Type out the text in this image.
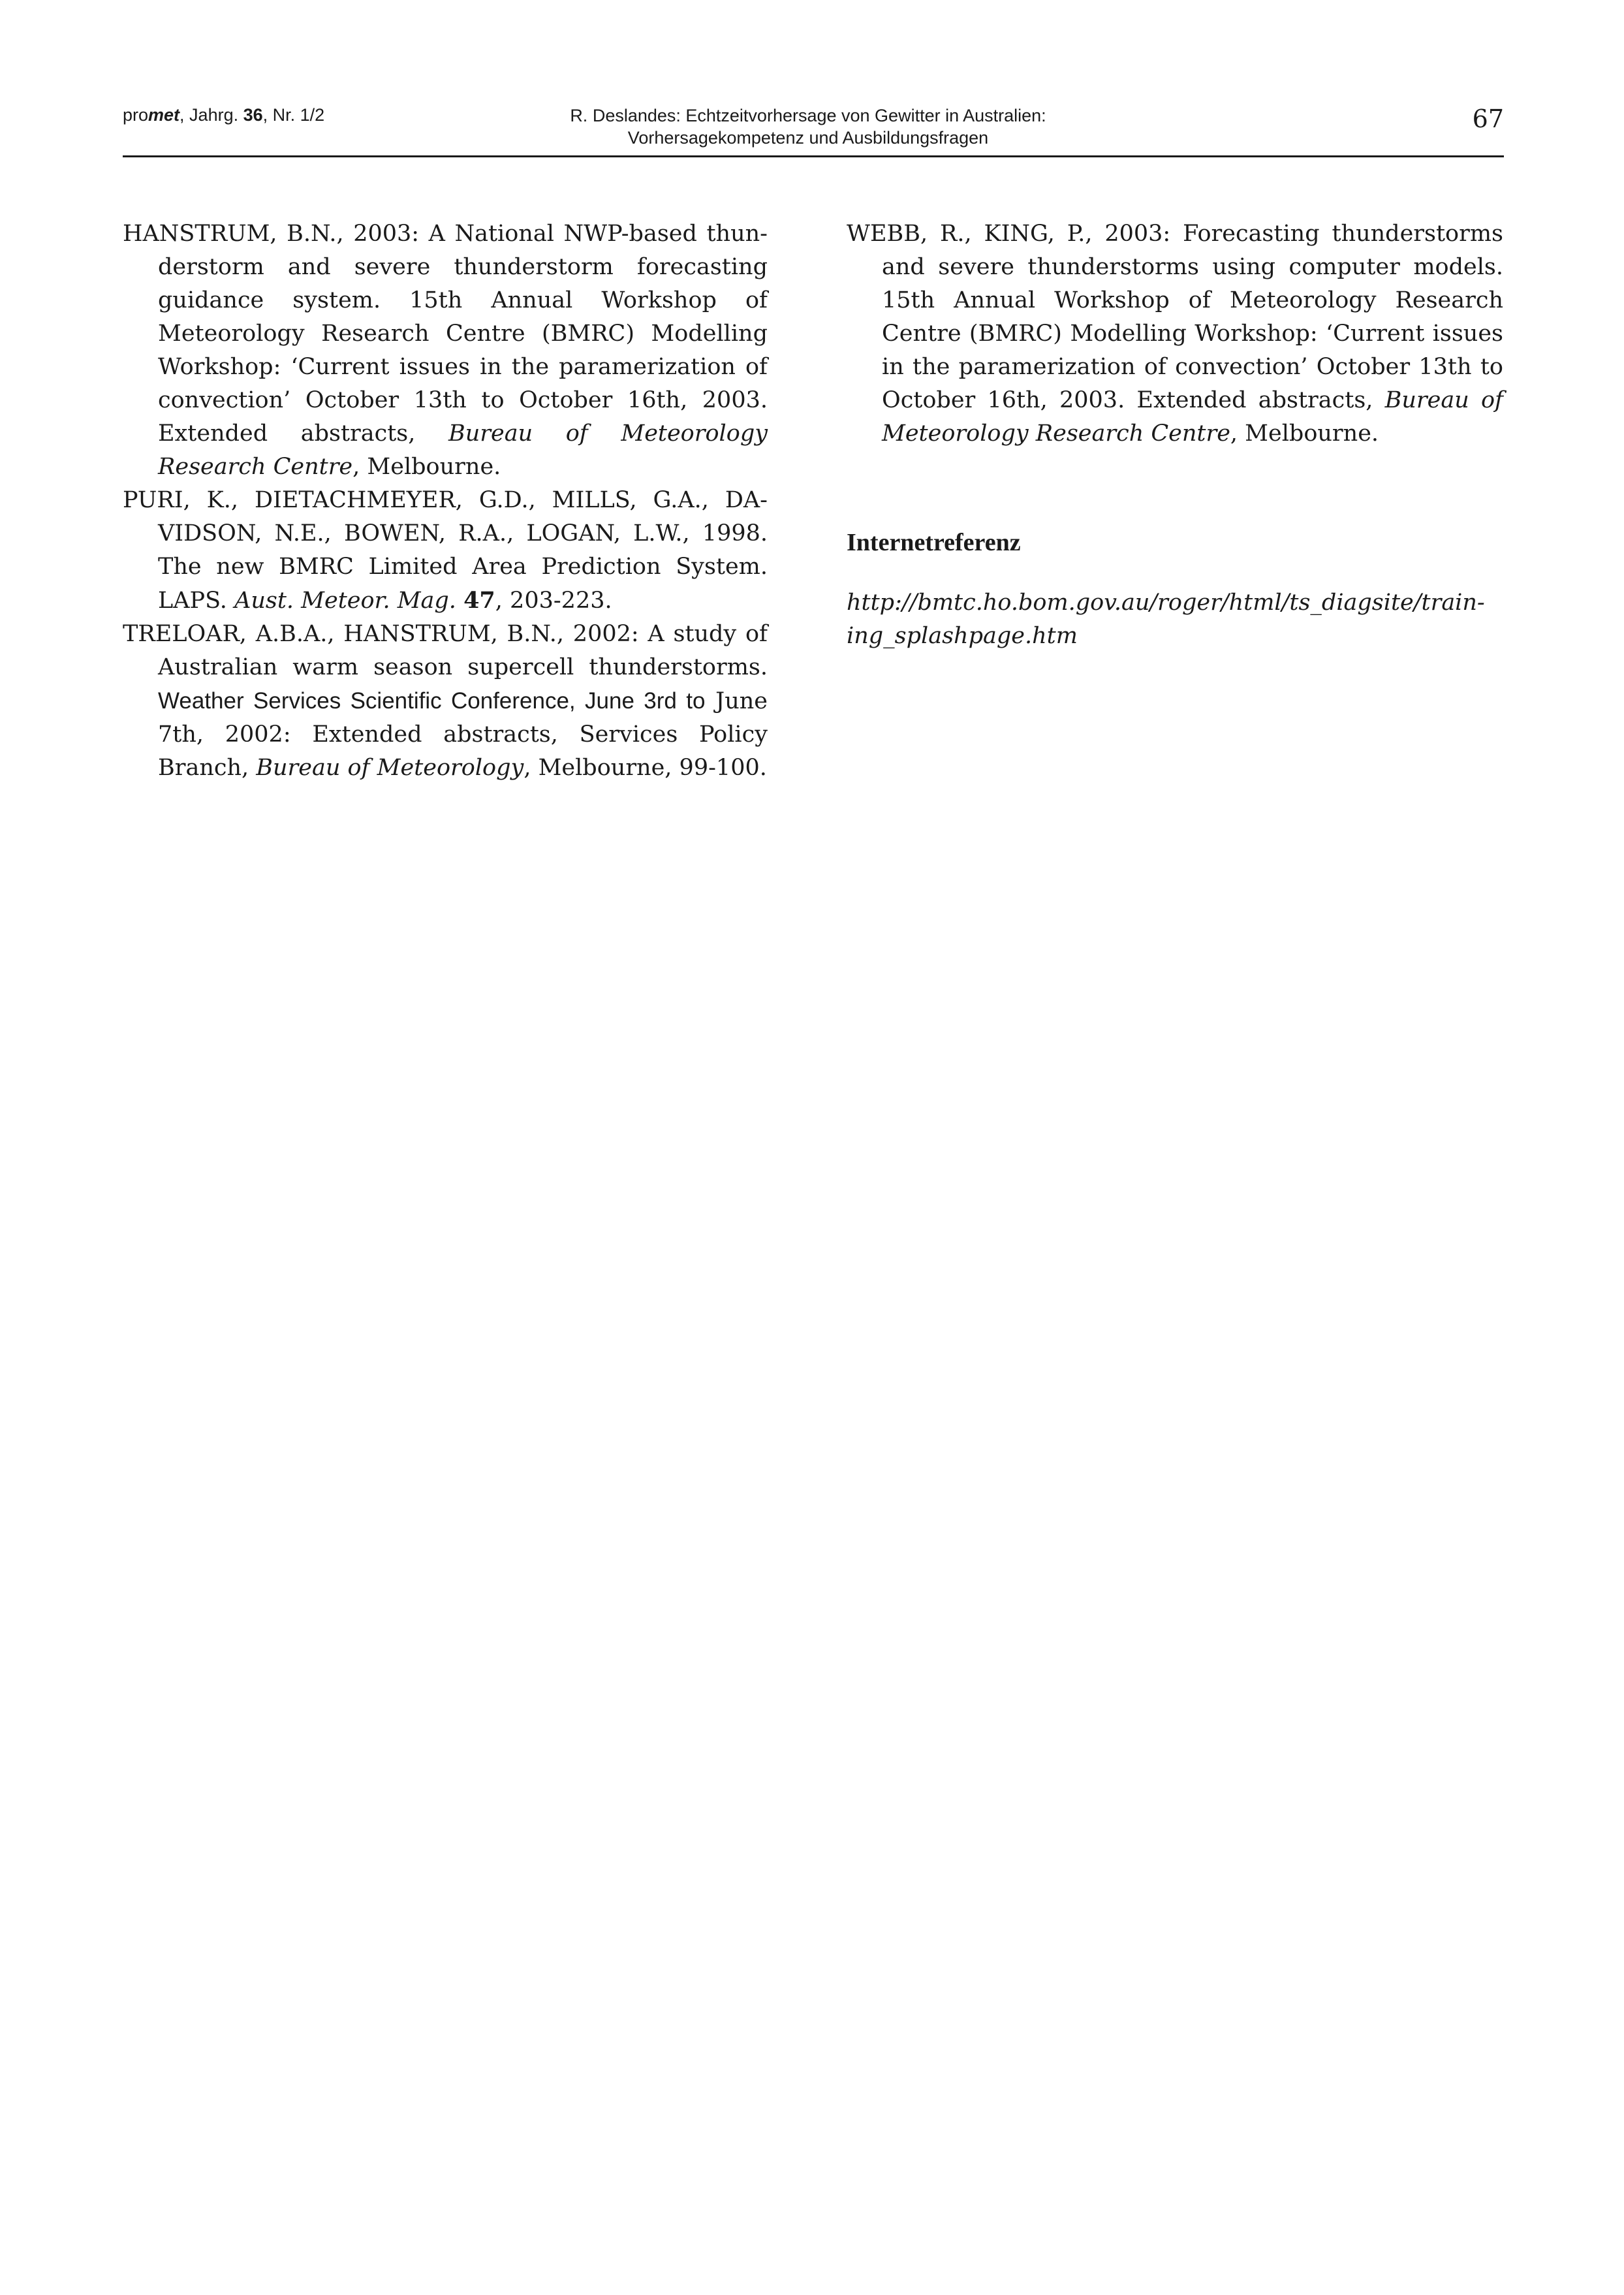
promet, Jahrg. 36, Nr. 1/2	R. Deslandes: Echtzeitvorhersage von Gewitter in Australien:
Vorhersagekompetenz und Ausbildungsfragen
67

HANSTRUM, B.N., 2003: A National NWP-based thunderstorm and severe thunderstorm forecasting guidance system. 15th Annual Workshop of Meteorology Research Centre (BMRC) Modelling Workshop: ‘Current issues in the paramerization of convection’ October 13th to October 16th, 2003. Extended abstracts, Bureau of Meteorology Research Centre, Melbourne.

PURI, K., DIETACHMEYER, G.D., MILLS, G.A., DAVIDSON, N.E., BOWEN, R.A., LOGAN, L.W., 1998. The new BMRC Limited Area Prediction System. LAPS. Aust. Meteor. Mag. 47, 203-223.

TRELOAR, A.B.A., HANSTRUM, B.N., 2002: A study of Australian warm season supercell thunderstorms. Weather Services Scientific Conference, June 3rd to June 7th, 2002: Extended abstracts, Services Policy Branch, Bureau of Meteorology, Melbourne, 99-100.

WEBB, R., KING, P., 2003: Forecasting thunderstorms and severe thunderstorms using computer models. 15th Annual Workshop of Meteorology Research Centre (BMRC) Modelling Workshop: ‘Current issues in the paramerization of convection’ October 13th to October 16th, 2003. Extended abstracts, Bureau of Meteorology Research Centre, Melbourne.

Internetreferenz

http://bmtc.ho.bom.gov.au/roger/html/ts_diagsite/training_splashpage.htm
